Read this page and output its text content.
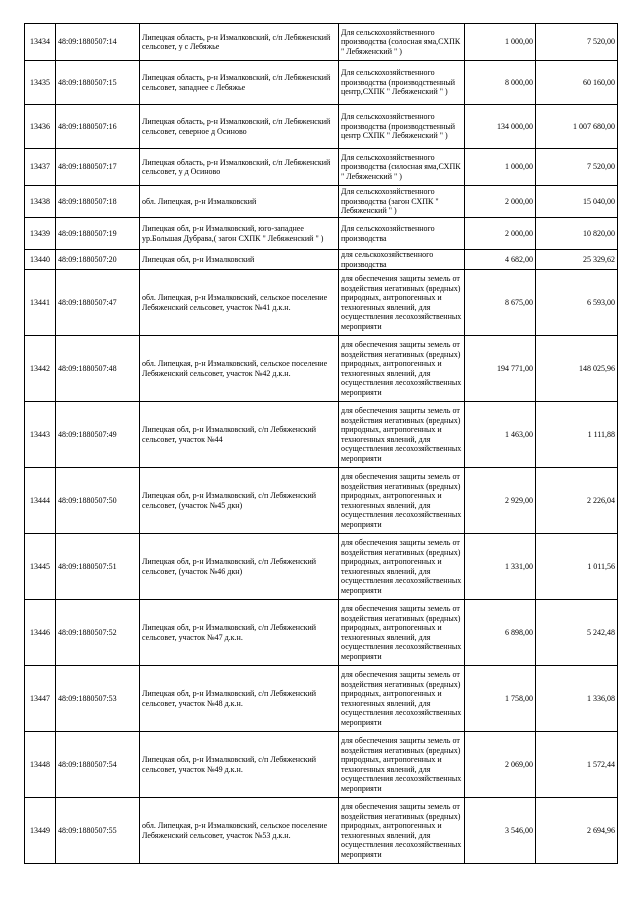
13434	48:09:1880507:14	Липецкая область, р-н Измалковский, с/п Лебяженский сельсовет, у с Лебяжье	Для сельскохозяйственного производства (солосная яма,СХПК " Лебяженский " )	1 000,00	7 520,00
13435	48:09:1880507:15	Липецкая область, р-н Измалковский, с/п Лебяженский сельсовет, западнее с Лебяжье	Для сельскохозяйственного производства (производственный центр,СХПК " Лебяженский " )	8 000,00	60 160,00
13436	48:09:1880507:16	Липецкая область, р-н Измалковский, с/п Лебяженский сельсовет, северное д Осиново	Для сельскохозяйственного производства (производственный центр СХПК " Лебяженский " )	134 000,00	1 007 680,00
13437	48:09:1880507:17	Липецкая область, р-н Измалковский, с/п Лебяженский сельсовет, у д Осиново	Для сельскохозяйственного производства (силосная яма,СХПК " Лебяженский " )	1 000,00	7 520,00
13438	48:09:1880507:18	обл. Липецкая, р-н Измалковский	Для сельскохозяйственного производства (загон СХПК " Лебяженский " )	2 000,00	15 040,00
13439	48:09:1880507:19	Липецкая обл, р-н Измалковский, юго-западнее ур.Большая Дубрава,( загон СХПК " Лебяженский " )	Для сельскохозяйственного производства	2 000,00	10 820,00
13440	48:09:1880507:20	Липецкая обл, р-н Измалковский	для сельскохозяйственного производства	4 682,00	25 329,62
13441	48:09:1880507:47	обл. Липецкая, р-н Измалковский, сельское поселение Лебяженский сельсовет, участок №41 д.к.н.	для обеспечения защиты земель от воздействия негативных (вредных) природных, антропогенных и техногенных явлений, для осуществления лесохозяйственных мероприяти	8 675,00	6 593,00
13442	48:09:1880507:48	обл. Липецкая, р-н Измалковский, сельское поселение Лебяженский сельсовет, участок №42 д.к.н.	для обеспечения защиты земель от воздействия негативных (вредных) природных, антропогенных и техногенных явлений, для осуществления лесохозяйственных мероприяти	194 771,00	148 025,96
13443	48:09:1880507:49	Липецкая обл, р-н Измалковский, с/п Лебяженский сельсовет, участок №44	для обеспечения защиты земель от воздействия негативных (вредных) природных, антропогенных и техногенных явлений, для осуществления лесохозяйственных мероприяти	1 463,00	1 111,88
13444	48:09:1880507:50	Липецкая обл, р-н Измалковский, с/п Лебяженский сельсовет, (участок №45 дкн)	для обеспечения защиты земель от воздействия негативных (вредных) природных, антропогенных и техногенных явлений, для осуществления лесохозяйственных мероприяти	2 929,00	2 226,04
13445	48:09:1880507:51	Липецкая обл, р-н Измалковский, с/п Лебяженский сельсовет, (участок №46 дкн)	для обеспечения защиты земель от воздействия негативных (вредных) природных, антропогенных и техногенных явлений, для осуществления лесохозяйственных мероприяти	1 331,00	1 011,56
13446	48:09:1880507:52	Липецкая обл, р-н Измалковский, с/п Лебяженский сельсовет, участок №47 д.к.н.	для обеспечения защиты земель от воздействия негативных (вредных) природных, антропогенных и техногенных явлений, для осуществления лесохозяйственных мероприяти	6 898,00	5 242,48
13447	48:09:1880507:53	Липецкая обл, р-н Измалковский, с/п Лебяженский сельсовет, участок №48 д.к.н.	для обеспечения защиты земель от воздействия негативных (вредных) природных, антропогенных и техногенных явлений, для осуществления лесохозяйственных мероприяти	1 758,00	1 336,08
13448	48:09:1880507:54	Липецкая обл, р-н Измалковский, с/п Лебяженский сельсовет, участок №49 д.к.н.	для обеспечения защиты земель от воздействия негативных (вредных) природных, антропогенных и техногенных явлений, для осуществления лесохозяйственных мероприяти	2 069,00	1 572,44
13449	48:09:1880507:55	обл. Липецкая, р-н Измалковский, сельское поселение Лебяженский сельсовет, участок №53 д.к.н.	для обеспечения защиты земель от воздействия негативных (вредных) природных, антропогенных и техногенных явлений, для осуществления лесохозяйственных мероприяти	3 546,00	2 694,96
